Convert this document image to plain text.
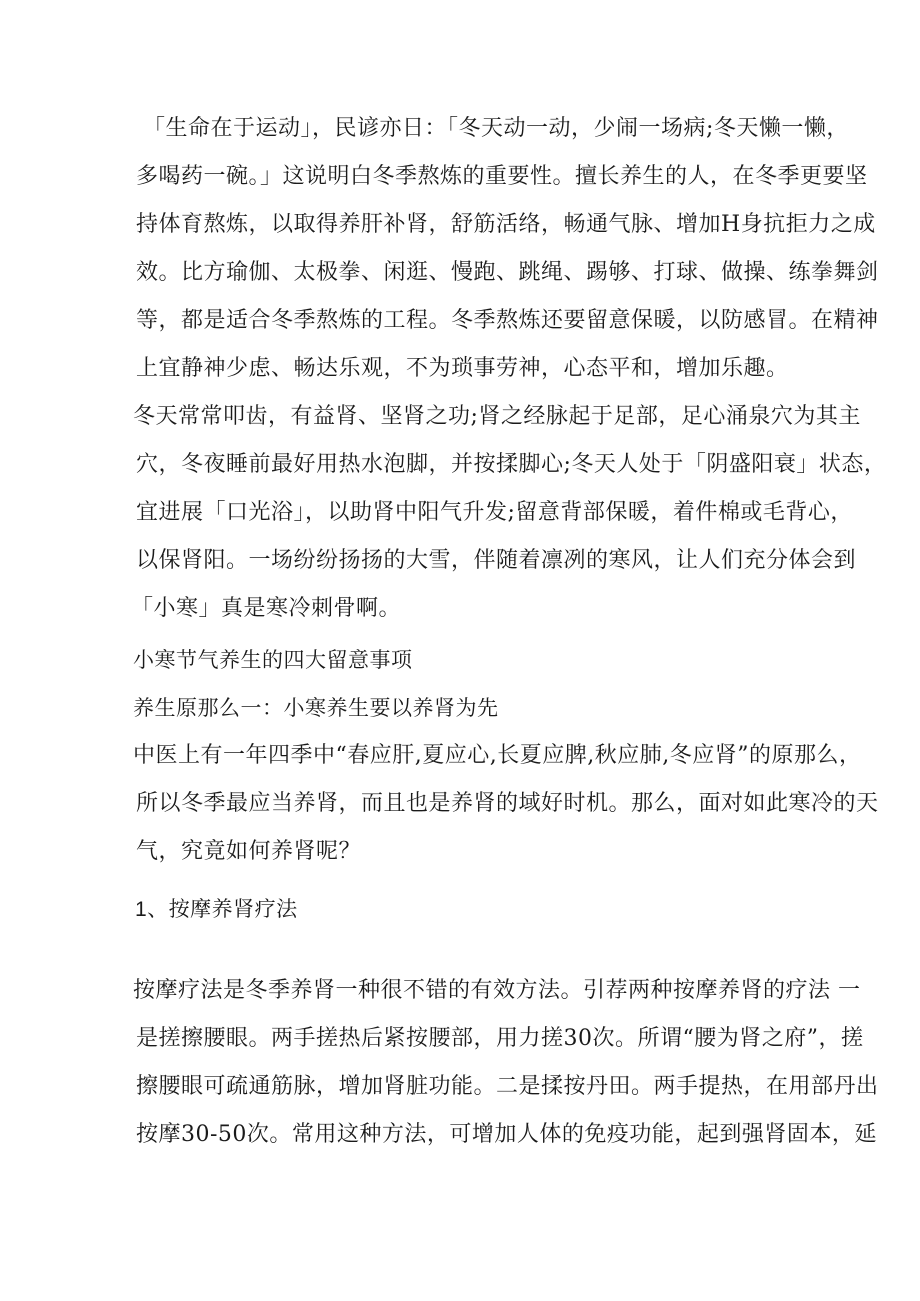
「生命在于运动」，民谚亦日：「冬天动一动，少闹一场病;冬天懒一懒，
多喝药一碗。」这说明白冬季熬炼的重要性。擅长养生的人，在冬季更要坚
持体育熬炼，以取得养肝补肾，舒筋活络，畅通气脉、增加H身抗拒力之成
效。比方瑜伽、太极拳、闲逛、慢跑、跳绳、踢够、打球、做操、练拳舞剑
等，都是适合冬季熬炼的工程。冬季熬炼还要留意保暖，以防感冒。在精神
上宜静神少虑、畅达乐观，不为琐事劳神，心态平和，增加乐趣。
冬天常常叩齿，有益肾、坚肾之功;肾之经脉起于足部，足心涌泉穴为其主
穴，冬夜睡前最好用热水泡脚，并按揉脚心;冬天人处于「阴盛阳衰」状态，
宜进展「口光浴」，以助肾中阳气升发;留意背部保暖，着件棉或毛背心，
以保肾阳。一场纷纷扬扬的大雪，伴随着凛冽的寒风，让人们充分体会到
「小寒」真是寒冷刺骨啊。
小寒节气养生的四大留意事项
养生原那么一：小寒养生要以养肾为先
中医上有一年四季中“春应肝,夏应心,长夏应脾,秋应肺,冬应肾”的原那么，
所以冬季最应当养肾，而且也是养肾的域好时机。那么，面对如此寒冷的天
气，究竟如何养肾呢？
1、按摩养肾疗法
按摩疗法是冬季养肾一种很不错的有效方法。引荐两种按摩养肾的疗法 一
是搓擦腰眼。两手搓热后紧按腰部，用力搓30次。所谓“腰为肾之府”，搓
擦腰眼可疏通筋脉，增加肾脏功能。二是揉按丹田。两手提热，在用部丹出
按摩30-50次。常用这种方法，可增加人体的免疫功能，起到强肾固本，延
